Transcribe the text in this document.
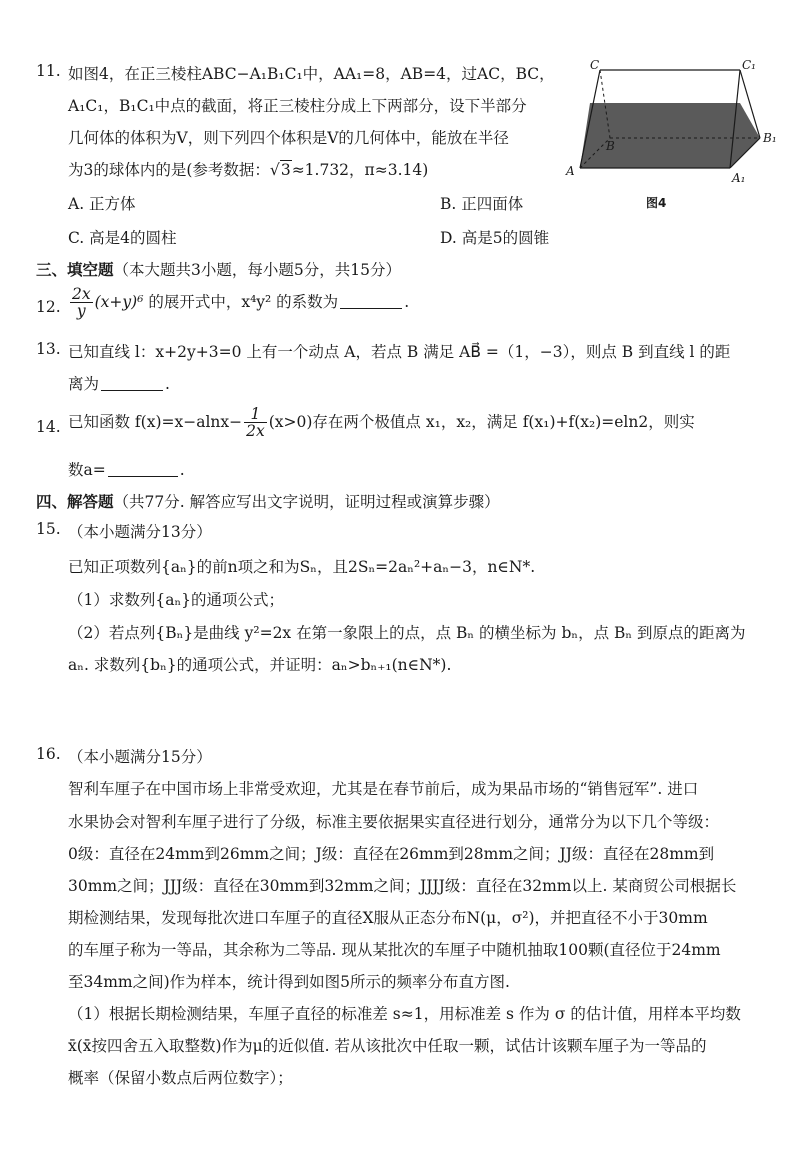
11. 如图4，在正三棱柱ABC−A₁B₁C₁中，AA₁=8，AB=4，过AC，BC，
A₁C₁，B₁C₁中点的截面，将正三棱柱分成上下两部分，设下半部分
几何体的体积为V，则下列四个体积是V的几何体中，能放在半径
为3的球体内的是(参考数据：√3≈1.732，π≈3.14)
A. 正方体	B. 正四面体
C. 高是4的圆柱	D. 高是5的圆锥
C	C₁
B
B₁
A	A₁
图4
三、填空题（本大题共3小题，每小题5分，共15分）
12. $\frac{2x}{y} (x+y)^6$ 的展开式中，x⁴y² 的系数为	.
13. 已知直线 l：x+2y+3=0 上有一个动点 A，若点 B 满足 AB⃗ =（1，−3），则点 B 到直线 l 的距
离为	.
14. 已知函数 $f(x)=x-alnx- \frac{1}{2x} (x>0)$存在两个极值点 x₁，x₂，满足 f(x₁)+f(x₂)=eln2，则实
数a=	.
四、解答题（共77分. 解答应写出文字说明，证明过程或演算步骤）
15. （本小题满分13分）
已知正项数列{aₙ}的前n项之和为Sₙ，且2Sₙ=2aₙ²+aₙ−3，n∈N*.
（1）求数列{aₙ}的通项公式；
（2）若点列{Bₙ}是曲线 y²=2x 在第一象限上的点，点 Bₙ 的横坐标为 bₙ，点 Bₙ 到原点的距离为
aₙ. 求数列{bₙ}的通项公式，并证明：aₙ>bₙ₊₁(n∈N*).
16. （本小题满分15分）
智利车厘子在中国市场上非常受欢迎，尤其是在春节前后，成为果品市场的“销售冠军”. 进口
水果协会对智利车厘子进行了分级，标准主要依据果实直径进行划分，通常分为以下几个等级：
0级：直径在24mm到26mm之间；J级：直径在26mm到28mm之间；JJ级：直径在28mm到
30mm之间；JJJ级：直径在30mm到32mm之间；JJJJ级：直径在32mm以上. 某商贸公司根据长
期检测结果，发现每批次进口车厘子的直径X服从正态分布N(μ，σ²)，并把直径不小于30mm
的车厘子称为一等品，其余称为二等品. 现从某批次的车厘子中随机抽取100颗(直径位于24mm
至34mm之间)作为样本，统计得到如图5所示的频率分布直方图.
（1）根据长期检测结果，车厘子直径的标准差 s≈1，用标准差 s 作为 σ 的估计值，用样本平均数
x̄(x̄按四舍五入取整数)作为μ的近似值. 若从该批次中任取一颗，试估计该颗车厘子为一等品的
概率（保留小数点后两位数字）；
